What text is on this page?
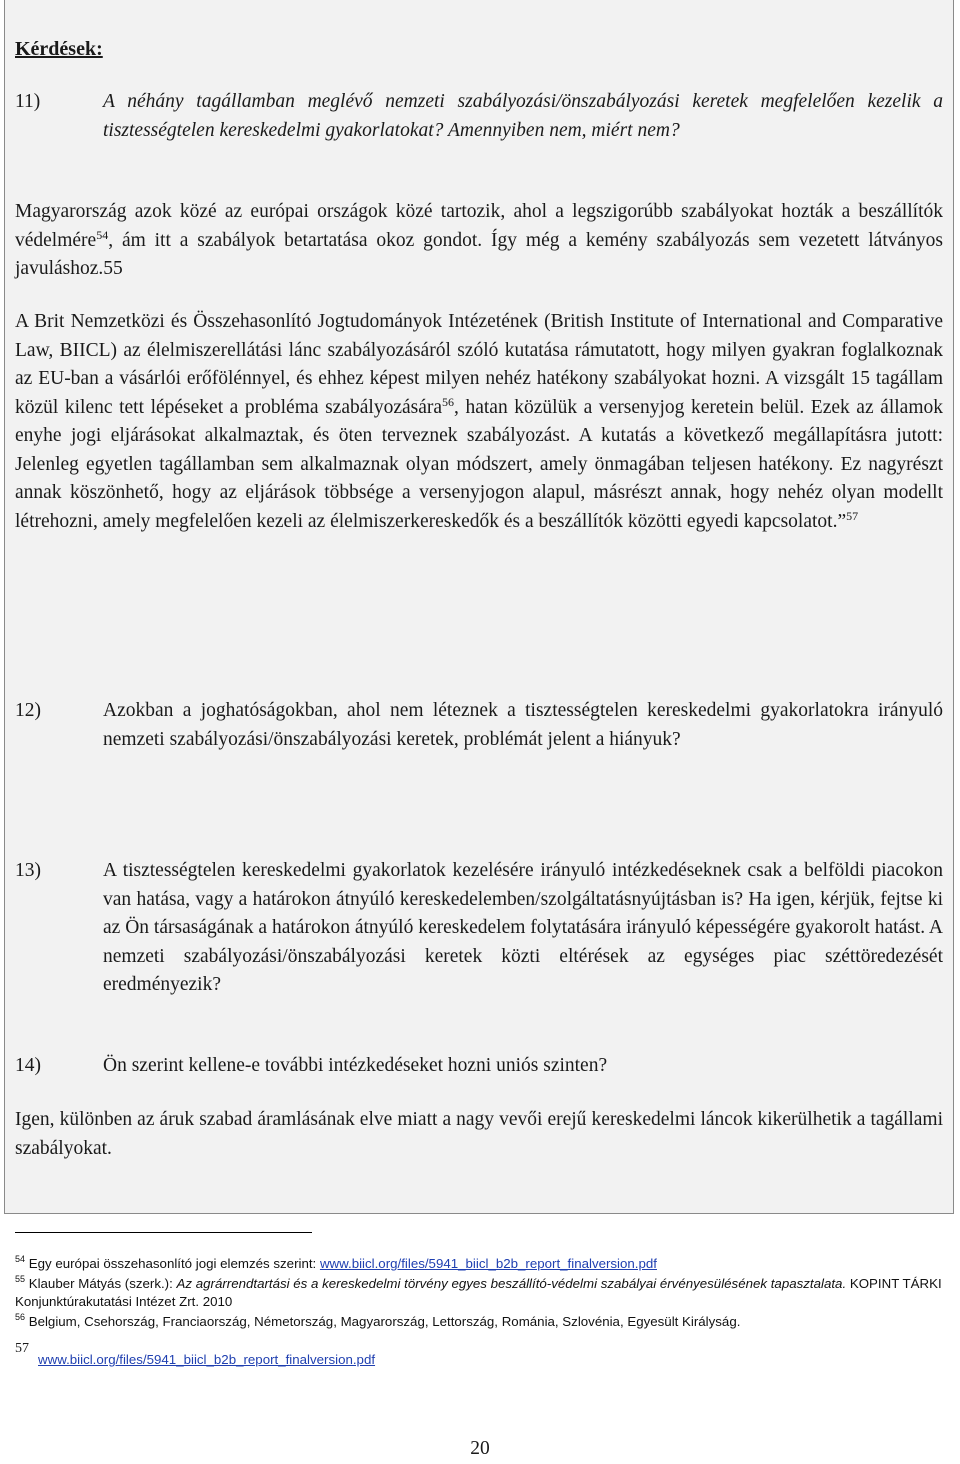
Kérdések:
11)	A néhány tagállamban meglévő nemzeti szabályozási/önszabályozási keretek megfelelően kezelik a tisztességtelen kereskedelmi gyakorlatokat? Amennyiben nem, miért nem?
Magyarország azok közé az európai országok közé tartozik, ahol a legszigorúbb szabályokat hozták a beszállítók védelmére$^{54}$, ám itt a szabályok betartatása okoz gondot. Így még a kemény szabályozás sem vezetett látványos javuláshoz.55
A Brit Nemzetközi és Összehasonlító Jogtudományok Intézetének (British Institute of International and Comparative Law, BIICL) az élelmiszerellátási lánc szabályozásáról szóló kutatása rámutatott, hogy milyen gyakran foglalkoznak az EU-ban a vásárlói erőfölénnyel, és ehhez képest milyen nehéz hatékony szabályokat hozni. A vizsgált 15 tagállam közül kilenc tett lépéseket a probléma szabályozására$^{56}$, hatan közülük a versenyjog keretein belül. Ezek az államok enyhe jogi eljárásokat alkalmaztak, és öten terveznek szabályozást. A kutatás a következő megállapításra jutott: Jelenleg egyetlen tagállamban sem alkalmaznak olyan módszert, amely önmagában teljesen hatékony. Ez nagyrészt annak köszönhető, hogy az eljárások többsége a versenyjogon alapul, másrészt annak, hogy nehéz olyan modellt létrehozni, amely megfelelően kezeli az élelmiszerkereskedők és a beszállítók közötti egyedi kapcsolatot.”$^{57}$
12)	Azokban a joghatóságokban, ahol nem léteznek a tisztességtelen kereskedelmi gyakorlatokra irányuló nemzeti szabályozási/önszabályozási keretek, problémát jelent a hiányuk?
13)	A tisztességtelen kereskedelmi gyakorlatok kezelésére irányuló intézkedéseknek csak a belföldi piacokon van hatása, vagy a határokon átnyúló kereskedelemben/szolgáltatásnyújtásban is? Ha igen, kérjük, fejtse ki az Ön társaságának a határokon átnyúló kereskedelem folytatására irányuló képességére gyakorolt hatást. A nemzeti szabályozási/önszabályozási keretek közti eltérések az egységes piac széttöredezését eredményezik?
14)	Ön szerint kellene-e további intézkedéseket hozni uniós szinten?
Igen, különben az áruk szabad áramlásának elve miatt a nagy vevői erejű kereskedelmi láncok kikerülhetik a tagállami szabályokat.
$^{54}$ Egy európai összehasonlító jogi elemzés szerint: www.biicl.org/files/5941_biicl_b2b_report_finalversion.pdf
$^{55}$ Klauber Mátyás (szerk.): Az agrárrendtartási és a kereskedelmi törvény egyes beszállító-védelmi szabályai érvényesülésének tapasztalata. KOPINT TÁRKI Konjunktúrakutatási Intézet Zrt. 2010
$^{56}$ Belgium, Csehország, Franciaország, Németország, Magyarország, Lettország, Románia, Szlovénia, Egyesült Királyság.
57
www.biicl.org/files/5941_biicl_b2b_report_finalversion.pdf
20
